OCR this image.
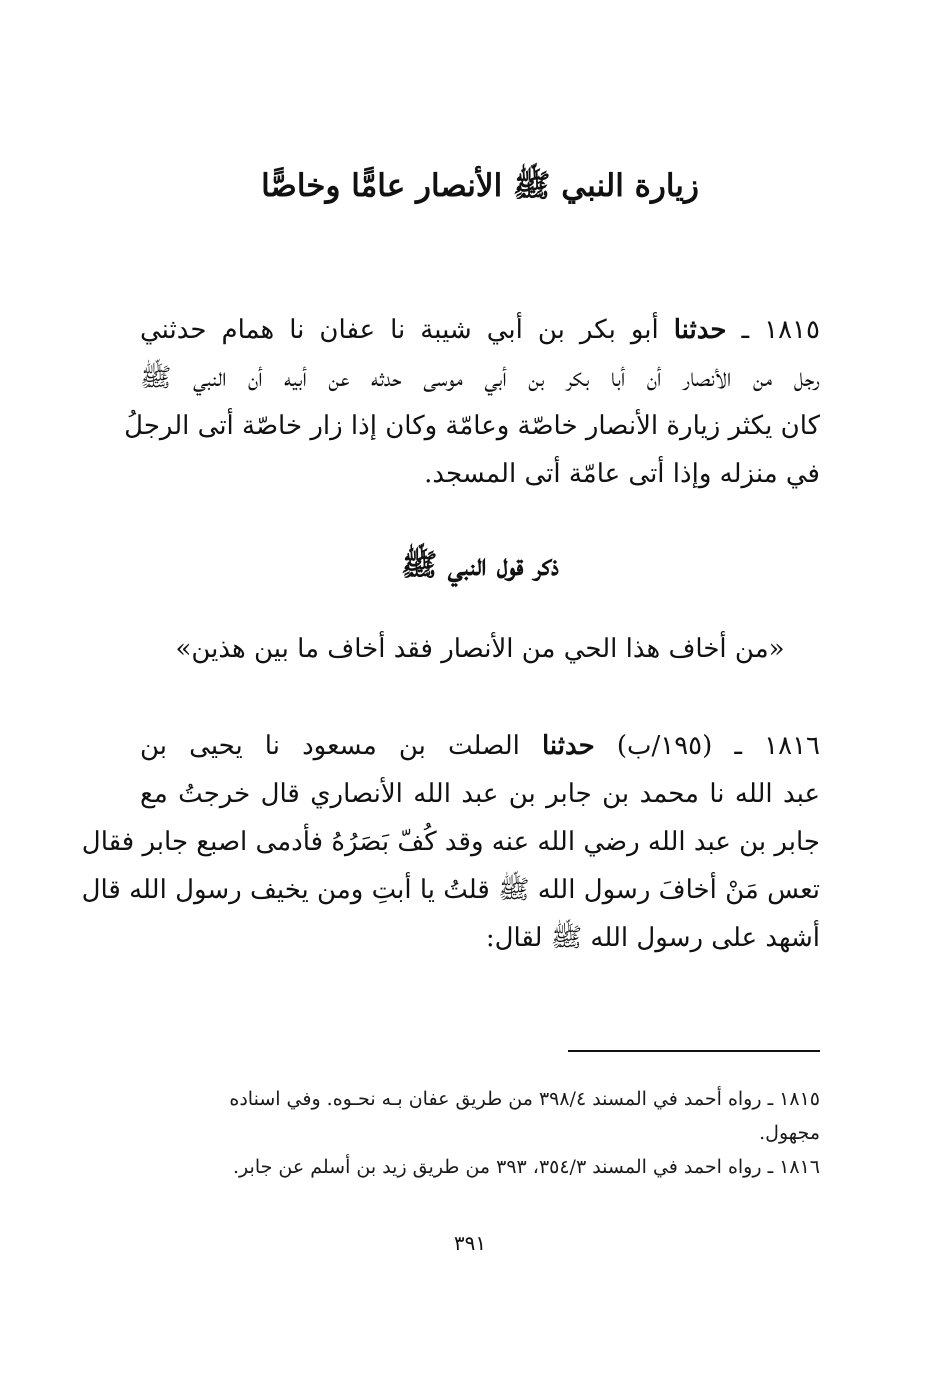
زيارة النبي ﷺ الأنصار عامًّا وخاصًّا
١٨١٥ ـ حدثنا أبو بكر بن أبي شيبة نا عفان نا همام حدثني
رجل من الأنصار أن أبا بكر بن أبي موسى حدثه عن أبيه أن النبي ﷺ
كان يكثر زيارة الأنصار خاصّة وعامّة وكان إذا زار خاصّة أتى الرجلُ
في منزله وإذا أتى عامّة أتى المسجد.
ذكر قول النبي ﷺ
«من أخاف هذا الحي من الأنصار فقد أخاف ما بين هذين»
١٨١٦ ـ (١٩٥/ب) حدثنا الصلت بن مسعود نا يحيى بن
عبد الله نا محمد بن جابر بن عبد الله الأنصاري قال خرجتُ مع
جابر بن عبد الله رضي الله عنه وقد كُفّ بَصَرُهُ فأدمى اصبع جابر فقال
تعس مَنْ أخافَ رسول الله ﷺ قلتُ يا أبتِ ومن يخيف رسول الله قال
أشهد على رسول الله ﷺ لقال:
١٨١٥ ـ رواه أحمد في المسند ٣٩٨/٤ من طريق عفان بـه نحـوه. وفي اسناده
مجهول.
١٨١٦ ـ رواه احمد في المسند ٣٥٤/٣، ٣٩٣ من طريق زيد بن أسلم عن جابر.
٣٩١
